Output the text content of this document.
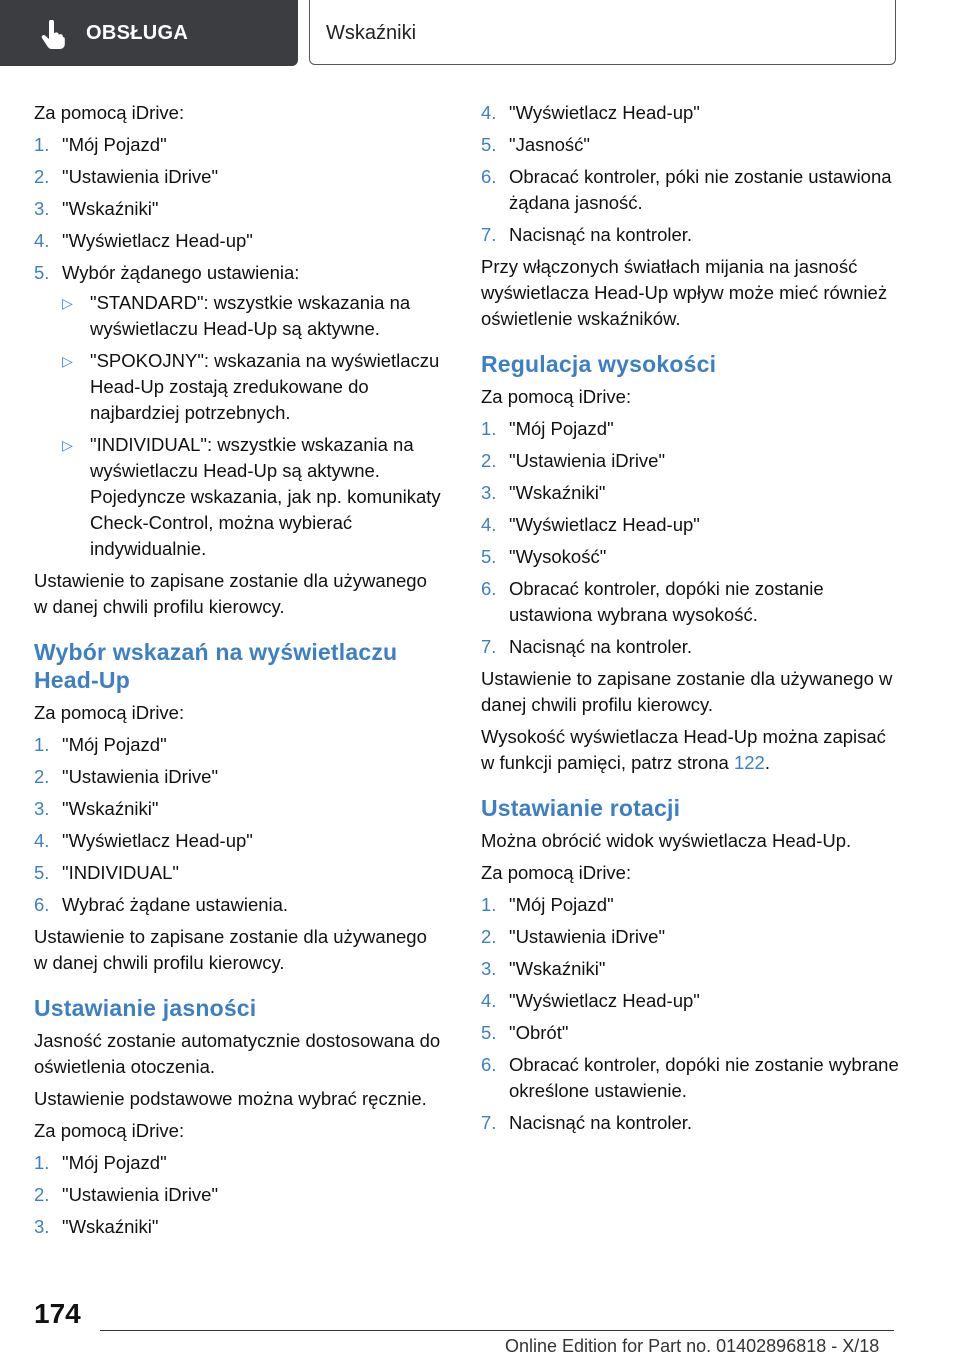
OBSŁUGA	Wskaźniki

Za pomocą iDrive:

1. "Mój Pojazd"
2. "Ustawienia iDrive"
3. "Wskaźniki"
4. "Wyświetlacz Head-up"
5. Wybór żądanego ustawienia:
▷ "STANDARD": wszystkie wskazania na wyświetlaczu Head-Up są aktywne.
▷ "SPOKOJNY": wskazania na wyświetlaczu Head-Up zostają zredukowane do najbardziej potrzebnych.
▷ "INDIVIDUAL": wszystkie wskazania na wyświetlaczu Head-Up są aktywne. Pojedyncze wskazania, jak np. komunikaty Check-Control, można wybierać indywidualnie.

Ustawienie to zapisane zostanie dla używanego w danej chwili profilu kierowcy.

Wybór wskazań na wyświetlaczu Head-Up

Za pomocą iDrive:

1. "Mój Pojazd"
2. "Ustawienia iDrive"
3. "Wskaźniki"
4. "Wyświetlacz Head-up"
5. "INDIVIDUAL"
6. Wybrać żądane ustawienia.

Ustawienie to zapisane zostanie dla używanego w danej chwili profilu kierowcy.

Ustawianie jasności

Jasność zostanie automatycznie dostosowana do oświetlenia otoczenia.

Ustawienie podstawowe można wybrać ręcznie.

Za pomocą iDrive:

1. "Mój Pojazd"
2. "Ustawienia iDrive"
3. "Wskaźniki"
4. "Wyświetlacz Head-up"
5. "Jasność"
6. Obracać kontroler, póki nie zostanie ustawiona żądana jasność.
7. Nacisnąć na kontroler.

Przy włączonych światłach mijania na jasność wyświetlacza Head-Up wpływ może mieć również oświetlenie wskaźników.

Regulacja wysokości

Za pomocą iDrive:

1. "Mój Pojazd"
2. "Ustawienia iDrive"
3. "Wskaźniki"
4. "Wyświetlacz Head-up"
5. "Wysokość"
6. Obracać kontroler, dopóki nie zostanie ustawiona wybrana wysokość.
7. Nacisnąć na kontroler.

Ustawienie to zapisane zostanie dla używanego w danej chwili profilu kierowcy.

Wysokość wyświetlacza Head-Up można zapisać w funkcji pamięci, patrz strona 122.

Ustawianie rotacji

Można obrócić widok wyświetlacza Head-Up.

Za pomocą iDrive:

1. "Mój Pojazd"
2. "Ustawienia iDrive"
3. "Wskaźniki"
4. "Wyświetlacz Head-up"
5. "Obrót"
6. Obracać kontroler, dopóki nie zostanie wybrane określone ustawienie.
7. Nacisnąć na kontroler.
174
Online Edition for Part no. 01402896818 - X/18
